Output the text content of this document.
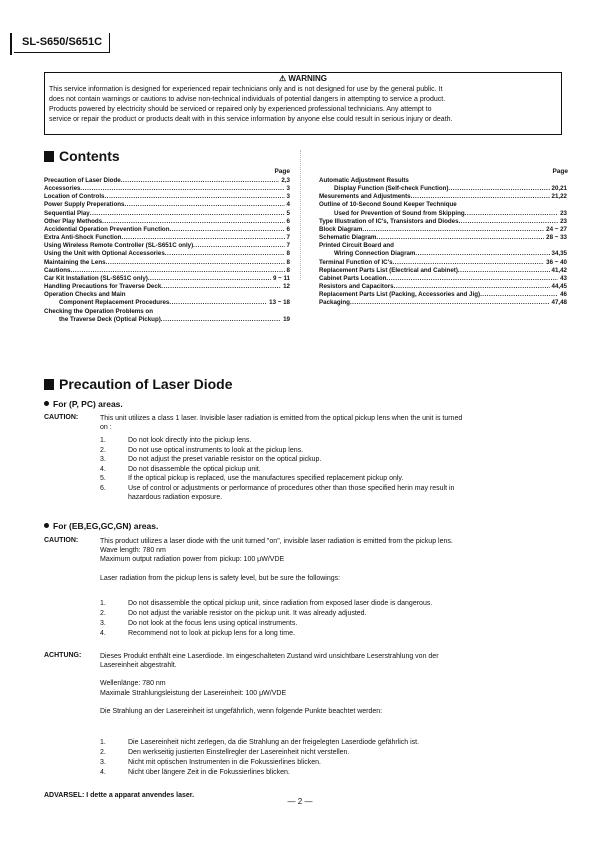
SL-S650/S651C
⚠ WARNING
This service information is designed for experienced repair technicians only and is not designed for use by the general public. It
does not contain warnings or cautions to advise non-technical individuals of potential dangers in attempting to service a product.
Products powered by electricity should be serviced or repaired only by experienced professional technicians. Any attempt to
service or repair the product or products dealt with in this service information by anyone else could result in serious injury or death.
Contents
Page	Page
Precaution of Laser Diode .....	2,3
Accessories .....	3
Location of Controls .....	3
Power Supply Preperations .....	4
Sequential Play .....	5
Other Play Methods .....	6
Accidential Operation Prevention Function .....	6
Extra Anti-Shock Function .....	7
Using Wireless Remote Controller (SL-S651C only) .....	7
Using the Unit with Optional Accessories .....	8
Maintaining the Lens .....	8
Cautions .....	8
Car Kit Installation (SL-S651C only) .....	9 ~ 11
Handling Precautions for Traverse Deck .....	12
Operation Checks and Main
Component Replacement Procedures .....	13 ~ 18
Checking the Operation Problems on
the Traverse Deck (Optical Pickup) .....	19
Automatic Adjustment Results
Display Function (Self-check Function) .....	20,21
Mesurements and Adjustments .....	21,22
Outline of 10-Second Sound Keeper Technique
Used for Prevention of Sound from Skipping .....	23
Type Illustration of IC's, Transistors and Diodes .....	23
Block Diagram .....	24 ~ 27
Schematic Diagram .....	28 ~ 33
Printed Circuit Board and
Wiring Connection Diagram .....	34,35
Terminal Function of IC's .....	36 ~ 40
Replacement Parts List (Electrical and Cabinet) .....	41,42
Cabinet Parts Location .....	43
Resistors and Capacitors .....	44,45
Replacement Parts List (Packing, Accessories and Jig) .....	46
Packaging .....	47,48
Precaution of Laser Diode
For (P, PC) areas.
CAUTION:	This unit utilizes a class 1 laser. Invisible laser radiation is emitted from the optical pickup lens when the unit is turned
on :
1.	Do not look directly into the pickup lens.
2.	Do not use optical instruments to look at the pickup lens.
3.	Do not adjust the preset variable resistor on the optical pickup.
4.	Do not disassemble the optical pickup unit.
5.	If the optical pickup is replaced, use the manufactures specified replacement pickup only.
6.	Use of control or adjustments or performance of procedures other than those specified herin may result in
hazardous radiation exposure.
For (EB,EG,GC,GN) areas.
CAUTION:	This product utilizes a laser diode with the unit turned "on", invisible laser radiation is emitted from the pickup lens.
Wave length: 780 nm
Maximum output radiation power from pickup: 100 μW/VDE
Laser radiation from the pickup lens is safety level, but be sure the followings:
1.	Do not disassemble the optical pickup unit, since radiation from exposed laser diode is dangerous.
2.	Do not adjust the variable resistor on the pickup unit. It was already adjusted.
3.	Do not look at the focus lens using optical instruments.
4.	Recommend not to look at pickup lens for a long time.
ACHTUNG:	Dieses Produkt enthält eine Laserdiode. Im eingeschalteten Zustand wird unsichtbare Leserstrahlung von der
Lasereinheit abgestrahlt.
Wellenlänge: 780 nm
Maximale Strahlungsleistung der Lasereinheit: 100 μW/VDE
Die Strahlung an der Lasereinheit ist ungefährlich, wenn folgende Punkte beachtet werden:
1.	Die Lasereinheit nicht zerlegen, da die Strahlung an der freigelegten Laserdiode gefährlich ist.
2.	Den werkseitig justierten Einstellregler der Lasereinheit nicht verstellen.
3.	Nicht mit optischen Instrumenten in die Fokussierlines blicken.
4.	Nicht über längere Zeit in die Fokussierlines blicken.
ADVARSEL: I dette a apparat anvendes laser.
— 2 —
